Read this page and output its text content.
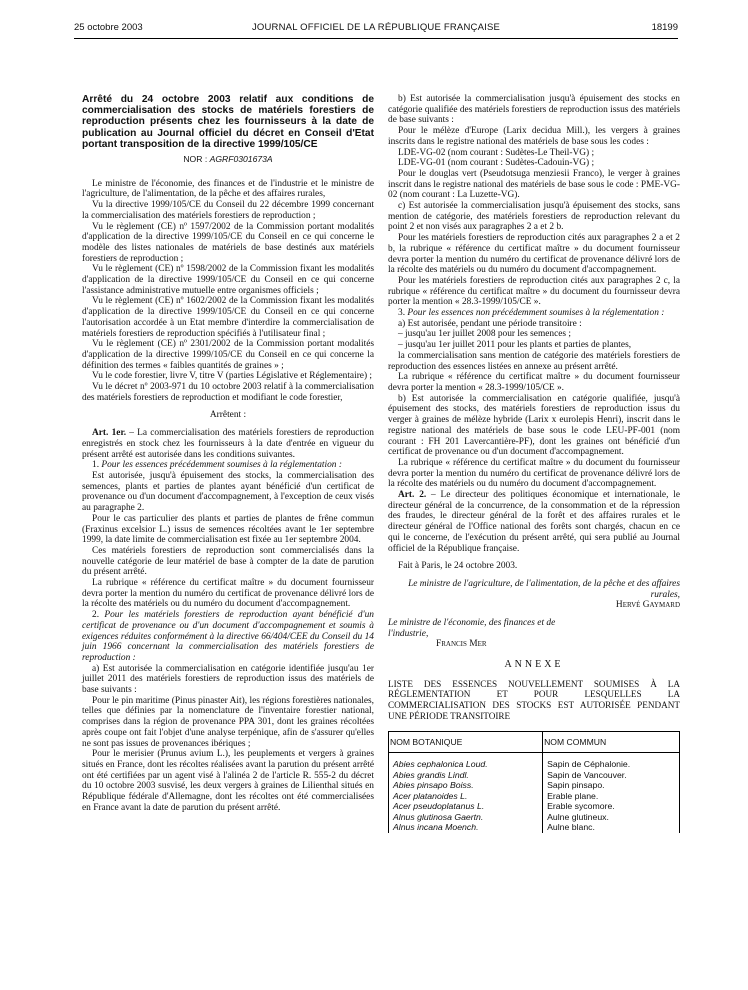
25 octobre 2003	JOURNAL OFFICIEL DE LA RÉPUBLIQUE FRANÇAISE	18199

Arrêté du 24 octobre 2003 relatif aux conditions de commercialisation des stocks de matériels forestiers de reproduction présents chez les fournisseurs à la date de publication au Journal officiel du décret en Conseil d'Etat portant transposition de la directive 1999/105/CE

NOR : AGRF0301673A

Le ministre de l'économie, des finances et de l'industrie et le ministre de l'agriculture, de l'alimentation, de la pêche et des affaires rurales,

Vu la directive 1999/105/CE du Conseil du 22 décembre 1999 concernant la commercialisation des matériels forestiers de reproduction ;

Vu le règlement (CE) nº 1597/2002 de la Commission portant modalités d'application de la directive 1999/105/CE du Conseil en ce qui concerne le modèle des listes nationales de matériels de base destinés aux matériels forestiers de reproduction ;

Vu le règlement (CE) nº 1598/2002 de la Commission fixant les modalités d'application de la directive 1999/105/CE du Conseil en ce qui concerne l'assistance administrative mutuelle entre organismes officiels ;

Vu le règlement (CE) nº 1602/2002 de la Commission fixant les modalités d'application de la directive 1999/105/CE du Conseil en ce qui concerne l'autorisation accordée à un Etat membre d'interdire la commercialisation de matériels forestiers de reproduction spécifiés à l'utilisateur final ;

Vu le règlement (CE) nº 2301/2002 de la Commission portant modalités d'application de la directive 1999/105/CE du Conseil en ce qui concerne la définition des termes « faibles quantités de graines » ;

Vu le code forestier, livre V, titre V (parties Législative et Réglementaire) ;

Vu le décret nº 2003-971 du 10 octobre 2003 relatif à la commercialisation des matériels forestiers de reproduction et modifiant le code forestier,

Arrêtent :

Art. 1er. – La commercialisation des matériels forestiers de reproduction enregistrés en stock chez les fournisseurs à la date d'entrée en vigueur du présent arrêté est autorisée dans les conditions suivantes.

1. Pour les essences précédemment soumises à la réglementation :

Est autorisée, jusqu'à épuisement des stocks, la commercialisation des semences, plants et parties de plantes ayant bénéficié d'un certificat de provenance ou d'un document d'accompagnement, à l'exception de ceux visés au paragraphe 2.

Pour le cas particulier des plants et parties de plantes de frêne commun (Fraxinus excelsior L.) issus de semences récoltées avant le 1er septembre 1999, la date limite de commercialisation est fixée au 1er septembre 2004.

Ces matériels forestiers de reproduction sont commercialisés dans la nouvelle catégorie de leur matériel de base à compter de la date de parution du présent arrêté.

La rubrique « référence du certificat maître » du document fournisseur devra porter la mention du numéro du certificat de provenance délivré lors de la récolte des matériels ou du numéro du document d'accompagnement.

2. Pour les matériels forestiers de reproduction ayant bénéficié d'un certificat de provenance ou d'un document d'accompagnement et soumis à exigences réduites conformément à la directive 66/404/CEE du Conseil du 14 juin 1966 concernant la commercialisation des matériels forestiers de reproduction :

a) Est autorisée la commercialisation en catégorie identifiée jusqu'au 1er juillet 2011 des matériels forestiers de reproduction issus des matériels de base suivants :

Pour le pin maritime (Pinus pinaster Ait), les régions forestières nationales, telles que définies par la nomenclature de l'inventaire forestier national, comprises dans la région de provenance PPA 301, dont les graines récoltées après coupe ont fait l'objet d'une analyse terpénique, afin de s'assurer qu'elles ne sont pas issues de provenances ibériques ;

Pour le merisier (Prunus avium L.), les peuplements et vergers à graines situés en France, dont les récoltes réalisées avant la parution du présent arrêté ont été certifiées par un agent visé à l'alinéa 2 de l'article R. 555-2 du décret du 10 octobre 2003 susvisé, les deux vergers à graines de Lilienthal situés en République fédérale d'Allemagne, dont les récoltes ont été commercialisées en France avant la date de parution du présent arrêté.

b) Est autorisée la commercialisation jusqu'à épuisement des stocks en catégorie qualifiée des matériels forestiers de reproduction issus des matériels de base suivants :

Pour le mélèze d'Europe (Larix decidua Mill.), les vergers à graines inscrits dans le registre national des matériels de base sous les codes :

LDE-VG-02 (nom courant : Sudètes-Le Theil-VG) ;

LDE-VG-01 (nom courant : Sudètes-Cadouin-VG) ;

Pour le douglas vert (Pseudotsuga menziesii Franco), le verger à graines inscrit dans le registre national des matériels de base sous le code : PME-VG-02 (nom courant : La Luzette-VG).

c) Est autorisée la commercialisation jusqu'à épuisement des stocks, sans mention de catégorie, des matériels forestiers de reproduction relevant du point 2 et non visés aux paragraphes 2 a et 2 b.

Pour les matériels forestiers de reproduction cités aux paragraphes 2 a et 2 b, la rubrique « référence du certificat maître » du document fournisseur devra porter la mention du numéro du certificat de provenance délivré lors de la récolte des matériels ou du numéro du document d'accompagnement.

Pour les matériels forestiers de reproduction cités aux paragraphes 2 c, la rubrique « référence du certificat maître » du document du fournisseur devra porter la mention « 28.3-1999/105/CE ».

3. Pour les essences non précédemment soumises à la réglementation :

a) Est autorisée, pendant une période transitoire :

– jusqu'au 1er juillet 2008 pour les semences ;

– jusqu'au 1er juillet 2011 pour les plants et parties de plantes,

la commercialisation sans mention de catégorie des matériels forestiers de reproduction des essences listées en annexe au présent arrêté.

La rubrique « référence du certificat maître » du document fournisseur devra porter la mention « 28.3-1999/105/CE ».

b) Est autorisée la commercialisation en catégorie qualifiée, jusqu'à épuisement des stocks, des matériels forestiers de reproduction issus du verger à graines de mélèze hybride (Larix x eurolepis Henri), inscrit dans le registre national des matériels de base sous le code LEU-PF-001 (nom courant : FH 201 Lavercantière-PF), dont les graines ont bénéficié d'un certificat de provenance ou d'un document d'accompagnement.

La rubrique « référence du certificat maître » du document du fournisseur devra porter la mention du numéro du certificat de provenance délivré lors de la récolte des matériels ou du numéro du document d'accompagnement.

Art. 2. – Le directeur des politiques économique et internationale, le directeur général de la concurrence, de la consommation et de la répression des fraudes, le directeur général de la forêt et des affaires rurales et le directeur général de l'Office national des forêts sont chargés, chacun en ce qui le concerne, de l'exécution du présent arrêté, qui sera publié au Journal officiel de la République française.

Fait à Paris, le 24 octobre 2003.

Le ministre de l'agriculture, de l'alimentation, de la pêche et des affaires rurales,

Hervé Gaymard

Le ministre de l'économie, des finances et de l'industrie,

Francis Mer

ANNEXE

LISTE DES ESSENCES NOUVELLEMENT SOUMISES À LA RÉGLEMENTATION ET POUR LESQUELLES LA COMMERCIALISATION DES STOCKS EST AUTORISÉE PENDANT UNE PÉRIODE TRANSITOIRE

NOM BOTANIQUE	NOM COMMUN
Abies cephalonica Loud.	Sapin de Céphalonie.
Abies grandis Lindl.	Sapin de Vancouver.
Abies pinsapo Boiss.	Sapin pinsapo.
Acer platanoides L.	Erable plane.
Acer pseudoplatanus L.	Erable sycomore.
Alnus glutinosa Gaertn.	Aulne glutineux.
Alnus incana Moench.	Aulne blanc.
